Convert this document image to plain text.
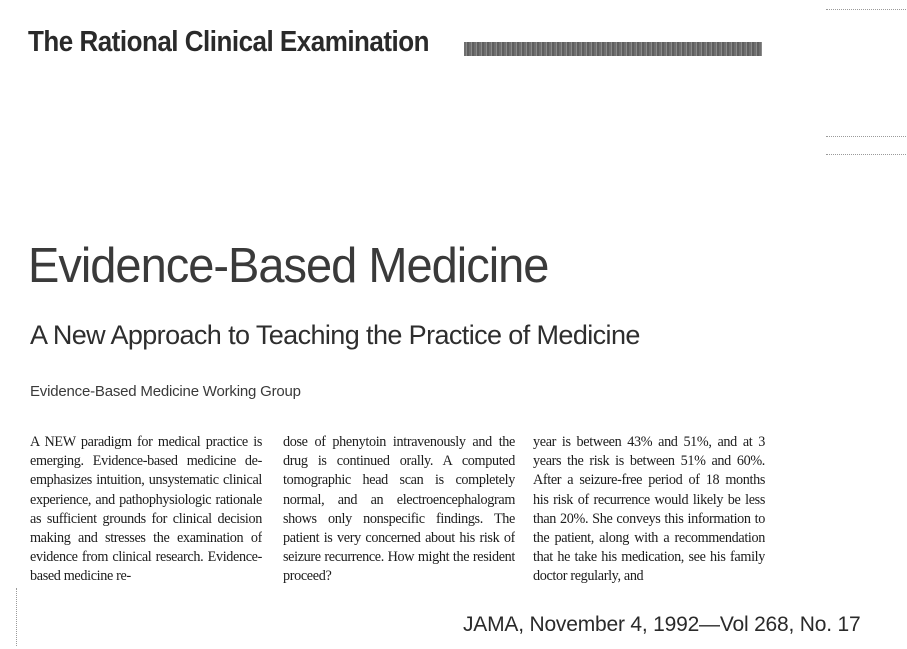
The Rational Clinical Examination
Evidence-Based Medicine
A New Approach to Teaching the Practice of Medicine
Evidence-Based Medicine Working Group
A NEW paradigm for medical practice is emerging. Evidence-based medicine de-emphasizes intuition, unsystematic clinical experience, and pathophysiologic rationale as sufficient grounds for clinical decision making and stresses the examination of evidence from clinical research. Evidence-based medicine re-
dose of phenytoin intravenously and the drug is continued orally. A computed tomographic head scan is completely normal, and an electroencephalogram shows only nonspecific findings. The patient is very concerned about his risk of seizure recurrence. How might the resident proceed?
year is between 43% and 51%, and at 3 years the risk is between 51% and 60%. After a seizure-free period of 18 months his risk of recurrence would likely be less than 20%. She conveys this information to the patient, along with a recommendation that he take his medication, see his family doctor regularly, and
JAMA, November 4, 1992—Vol 268, No. 17
